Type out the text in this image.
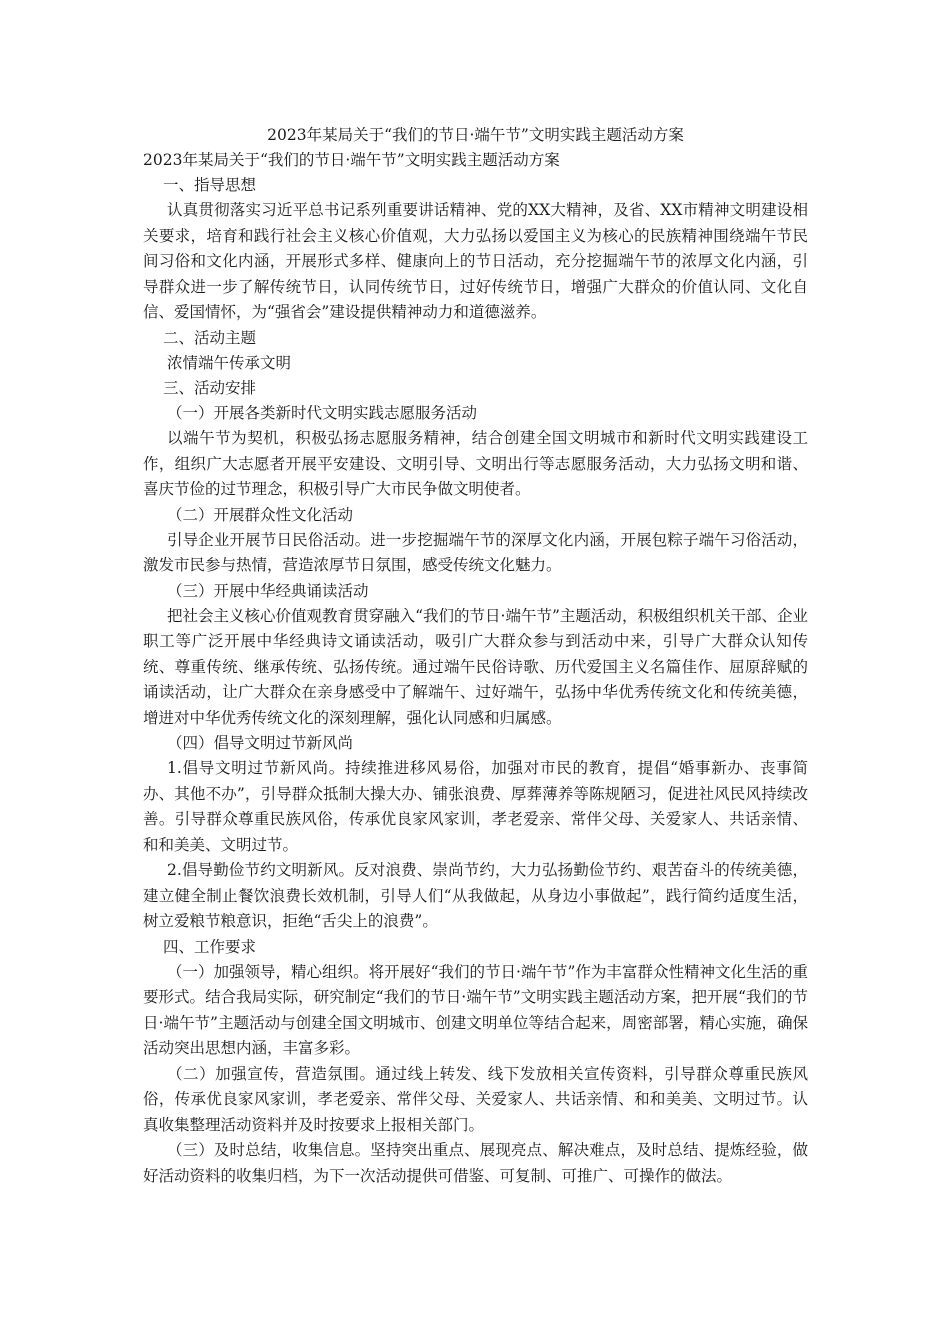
2023年某局关于“我们的节日·端午节”文明实践主题活动方案

2023年某局关于“我们的节日·端午节”文明实践主题活动方案

一、指导思想

认真贯彻落实习近平总书记系列重要讲话精神、党的XX大精神，及省、XX市精神文明建设相关要求，培育和践行社会主义核心价值观，大力弘扬以爱国主义为核心的民族精神围绕端午节民间习俗和文化内涵，开展形式多样、健康向上的节日活动，充分挖掘端午节的浓厚文化内涵，引导群众进一步了解传统节日，认同传统节日，过好传统节日，增强广大群众的价值认同、文化自信、爱国情怀，为“强省会”建设提供精神动力和道德滋养。

二、活动主题

浓情端午传承文明

三、活动安排

（一）开展各类新时代文明实践志愿服务活动

以端午节为契机，积极弘扬志愿服务精神，结合创建全国文明城市和新时代文明实践建设工作，组织广大志愿者开展平安建设、文明引导、文明出行等志愿服务活动，大力弘扬文明和谐、喜庆节俭的过节理念，积极引导广大市民争做文明使者。

（二）开展群众性文化活动

引导企业开展节日民俗活动。进一步挖掘端午节的深厚文化内涵，开展包粽子端午习俗活动，激发市民参与热情，营造浓厚节日氛围，感受传统文化魅力。

（三）开展中华经典诵读活动

把社会主义核心价值观教育贯穿融入“我们的节日·端午节”主题活动，积极组织机关干部、企业职工等广泛开展中华经典诗文诵读活动，吸引广大群众参与到活动中来，引导广大群众认知传统、尊重传统、继承传统、弘扬传统。通过端午民俗诗歌、历代爱国主义名篇佳作、屈原辞赋的诵读活动，让广大群众在亲身感受中了解端午、过好端午，弘扬中华优秀传统文化和传统美德，增进对中华优秀传统文化的深刻理解，强化认同感和归属感。

（四）倡导文明过节新风尚

1.倡导文明过节新风尚。持续推进移风易俗，加强对市民的教育，提倡“婚事新办、丧事简办、其他不办”，引导群众抵制大操大办、铺张浪费、厚葬薄养等陈规陋习，促进社风民风持续改善。引导群众尊重民族风俗，传承优良家风家训，孝老爱亲、常伴父母、关爱家人、共话亲情、和和美美、文明过节。

2.倡导勤俭节约文明新风。反对浪费、崇尚节约，大力弘扬勤俭节约、艰苦奋斗的传统美德，建立健全制止餐饮浪费长效机制，引导人们“从我做起，从身边小事做起”，践行简约适度生活，树立爱粮节粮意识，拒绝“舌尖上的浪费”。

四、工作要求

（一）加强领导，精心组织。将开展好“我们的节日·端午节”作为丰富群众性精神文化生活的重要形式。结合我局实际，研究制定“我们的节日·端午节”文明实践主题活动方案，把开展“我们的节日·端午节”主题活动与创建全国文明城市、创建文明单位等结合起来，周密部署，精心实施，确保活动突出思想内涵，丰富多彩。

（二）加强宣传，营造氛围。通过线上转发、线下发放相关宣传资料，引导群众尊重民族风俗，传承优良家风家训，孝老爱亲、常伴父母、关爱家人、共话亲情、和和美美、文明过节。认真收集整理活动资料并及时按要求上报相关部门。

（三）及时总结，收集信息。坚持突出重点、展现亮点、解决难点，及时总结、提炼经验，做好活动资料的收集归档，为下一次活动提供可借鉴、可复制、可推广、可操作的做法。
